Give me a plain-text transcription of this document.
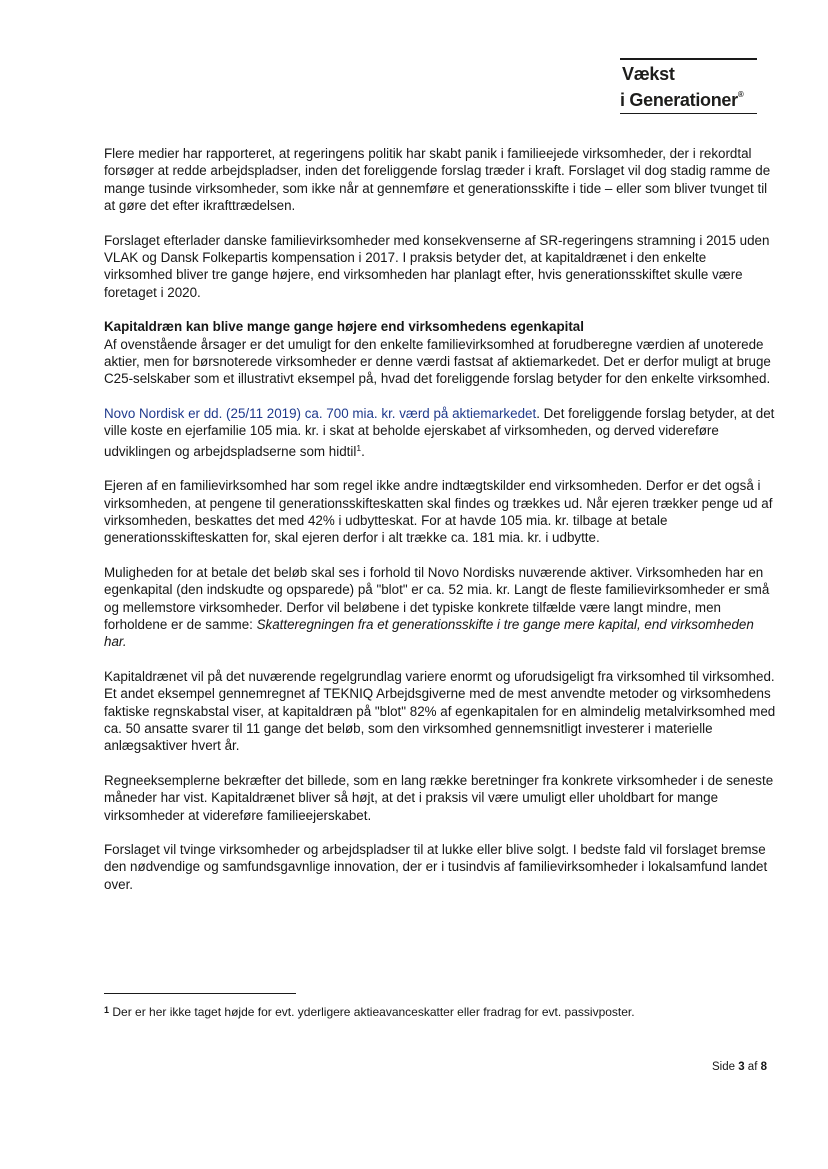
Vækst
i Generationer®

Flere medier har rapporteret, at regeringens politik har skabt panik i familieejede virksomheder, der i rekordtal forsøger at redde arbejdspladser, inden det foreliggende forslag træder i kraft. Forslaget vil dog stadig ramme de mange tusinde virksomheder, som ikke når at gennemføre et generationsskifte i tide – eller som bliver tvunget til at gøre det efter ikrafttrædelsen.

Forslaget efterlader danske familievirksomheder med konsekvenserne af SR-regeringens stramning i 2015 uden VLAK og Dansk Folkepartis kompensation i 2017. I praksis betyder det, at kapitaldrænet i den enkelte virksomhed bliver tre gange højere, end virksomheden har planlagt efter, hvis generationsskiftet skulle være foretaget i 2020.

Kapitaldræn kan blive mange gange højere end virksomhedens egenkapital

Af ovenstående årsager er det umuligt for den enkelte familievirksomhed at forudberegne værdien af unoterede aktier, men for børsnoterede virksomheder er denne værdi fastsat af aktiemarkedet. Det er derfor muligt at bruge C25-selskaber som et illustrativt eksempel på, hvad det foreliggende forslag betyder for den enkelte virksomhed.

Novo Nordisk er dd. (25/11 2019) ca. 700 mia. kr. værd på aktiemarkedet. Det foreliggende forslag betyder, at det ville koste en ejerfamilie 105 mia. kr. i skat at beholde ejerskabet af virksomheden, og derved videreføre udviklingen og arbejdspladserne som hidtil$^1$.

Ejeren af en familievirksomhed har som regel ikke andre indtægtskilder end virksomheden. Derfor er det også i virksomheden, at pengene til generationsskifteskatten skal findes og trækkes ud. Når ejeren trækker penge ud af virksomheden, beskattes det med 42% i udbytteskat. For at havde 105 mia. kr. tilbage at betale generationsskifteskatten for, skal ejeren derfor i alt trække ca. 181 mia. kr. i udbytte.

Muligheden for at betale det beløb skal ses i forhold til Novo Nordisks nuværende aktiver. Virksomheden har en egenkapital (den indskudte og opsparede) på "blot" er ca. 52 mia. kr. Langt de fleste familievirksomheder er små og mellemstore virksomheder. Derfor vil beløbene i det typiske konkrete tilfælde være langt mindre, men forholdene er de samme: Skatteregningen fra et generationsskifte i tre gange mere kapital, end virksomheden har.

Kapitaldrænet vil på det nuværende regelgrundlag variere enormt og uforudsigeligt fra virksomhed til virksomhed. Et andet eksempel gennemregnet af TEKNIQ Arbejdsgiverne med de mest anvendte metoder og virksomhedens faktiske regnskabstal viser, at kapitaldræn på "blot" 82% af egenkapitalen for en almindelig metalvirksomhed med ca. 50 ansatte svarer til 11 gange det beløb, som den virksomhed gennemsnitligt investerer i materielle anlægsaktiver hvert år.

Regneeksemplerne bekræfter det billede, som en lang række beretninger fra konkrete virksomheder i de seneste måneder har vist. Kapitaldrænet bliver så højt, at det i praksis vil være umuligt eller uholdbart for mange virksomheder at videreføre familieejerskabet.

Forslaget vil tvinge virksomheder og arbejdspladser til at lukke eller blive solgt. I bedste fald vil forslaget bremse den nødvendige og samfundsgavnlige innovation, der er i tusindvis af familievirksomheder i lokalsamfund landet over.

$^1$ Der er her ikke taget højde for evt. yderligere aktieavanceskatter eller fradrag for evt. passivposter.
Side 3 af 8
